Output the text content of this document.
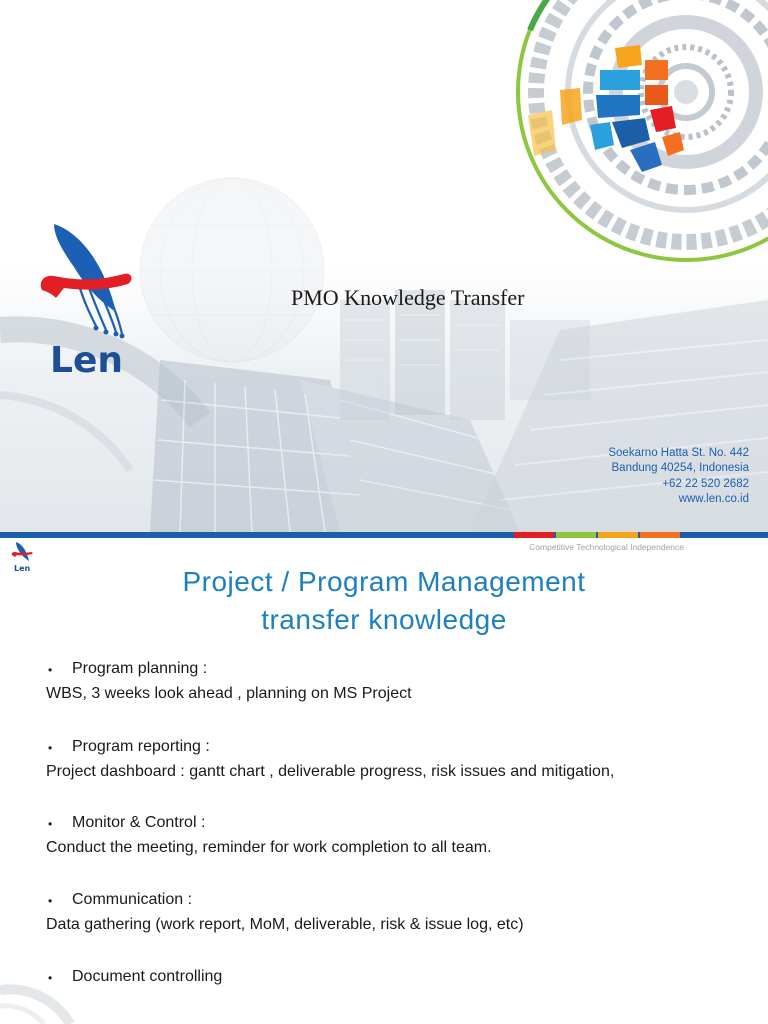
Len
PMO Knowledge Transfer
Soekarno Hatta St. No. 442
Bandung 40254, Indonesia
+62 22 520 2682
www.len.co.id
Competitive Technological Independence
Len	Project / Program Management
transfer knowledge
• Program planning :
WBS, 3 weeks look ahead , planning on MS Project
• Program reporting :
Project dashboard : gantt chart , deliverable progress, risk issues and mitigation,
• Monitor & Control :
Conduct the meeting, reminder for work completion to all team.
• Communication :
Data gathering (work report, MoM, deliverable, risk & issue log, etc)
• Document controlling
